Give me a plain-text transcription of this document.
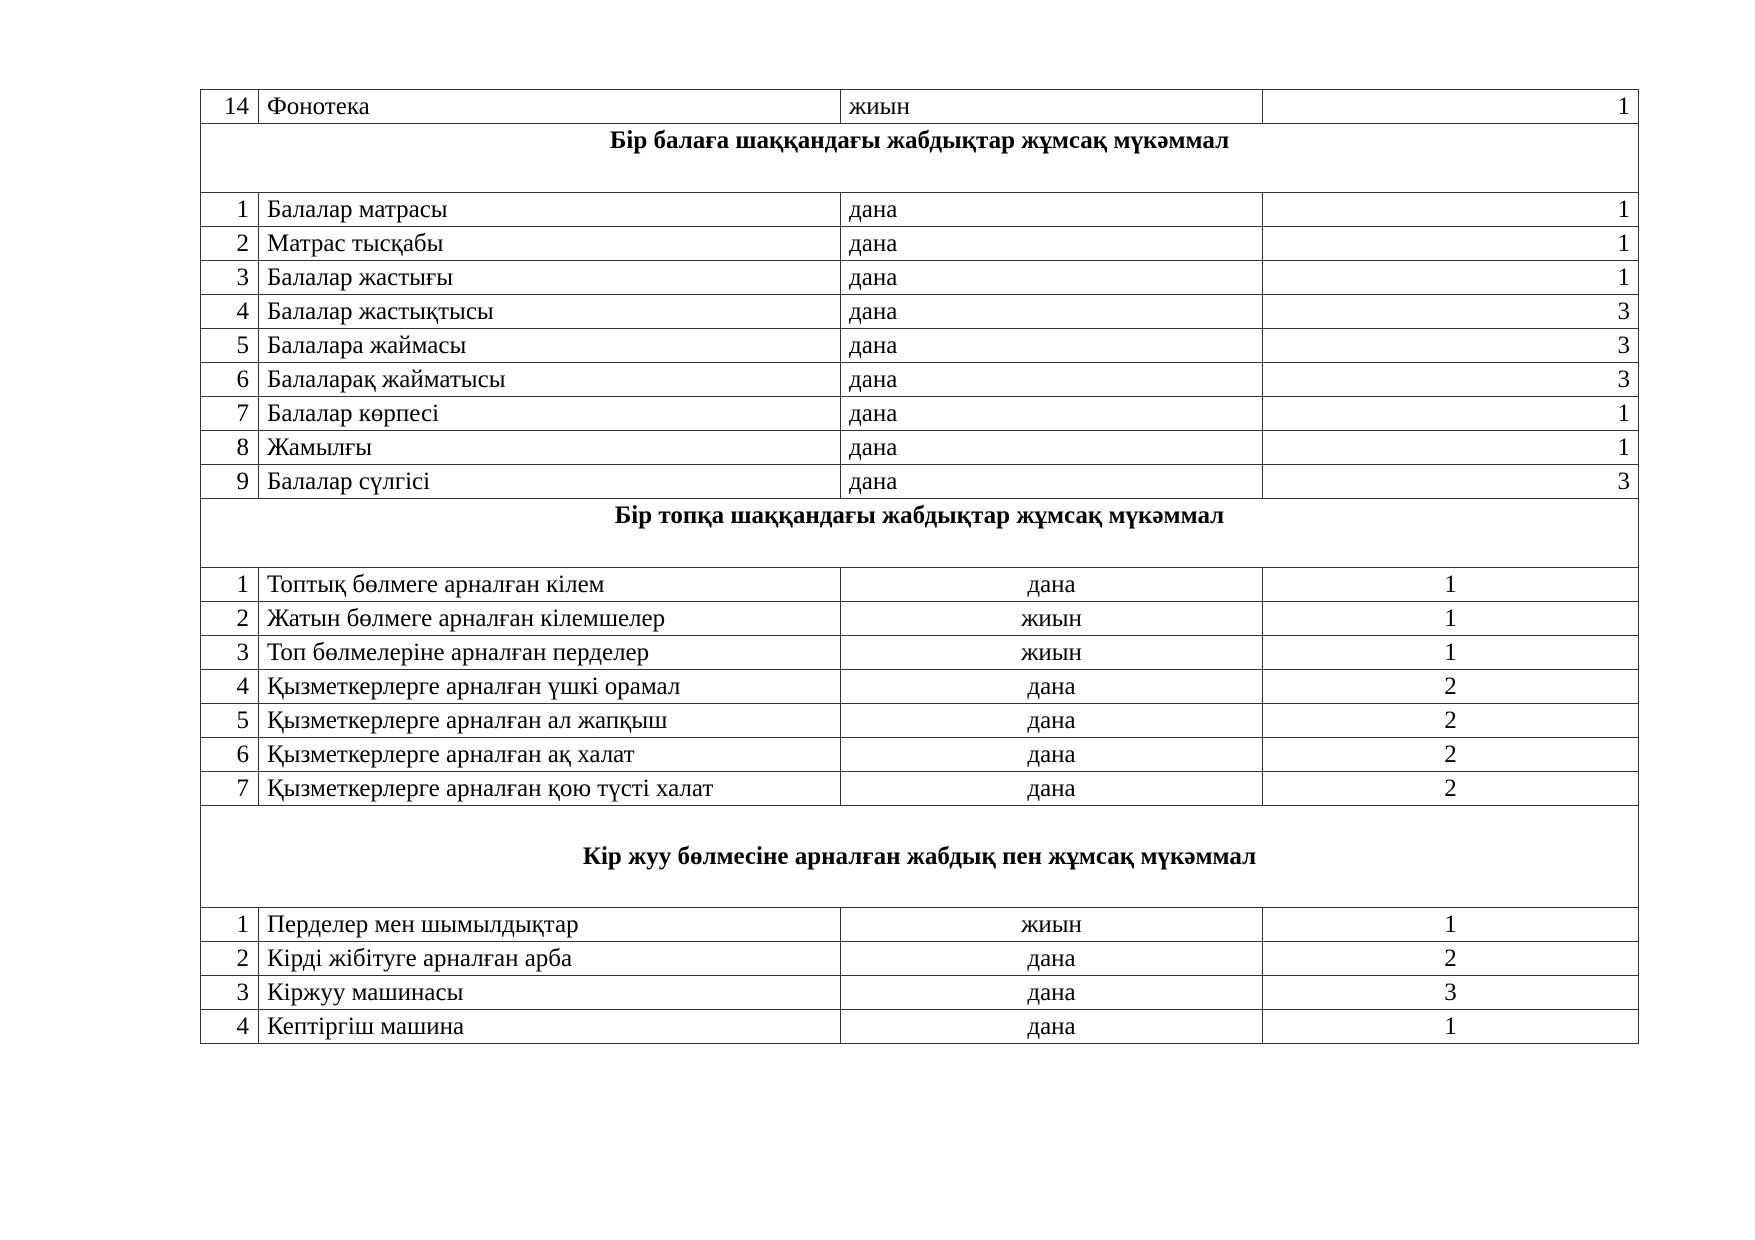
14	Фонотека	жиын	1
Бір балаға шаққандағы жабдықтар жұмсақ мүкәммал			
1	Балалар матрасы	дана	1
2	Матрас тысқабы	дана	1
3	Балалар жастығы	дана	1
4	Балалар жастықтысы	дана	3
5	Балалара жаймасы	дана	3
6	Балаларақ жайматысы	дана	3
7	Балалар көрпесі	дана	1
8	Жамылғы	дана	1
9	Балалар сүлгісі	дана	3
Бір топқа шаққандағы жабдықтар жұмсақ мүкәммал			
1	Топтық бөлмеге арналған кілем	дана	1
2	Жатын бөлмеге арналған кілемшелер	жиын	1
3	Топ бөлмелеріне арналған перделер	жиын	1
4	Қызметкерлерге арналған үшкі орамал	дана	2
5	Қызметкерлерге арналған ал жапқыш	дана	2
6	Қызметкерлерге арналған ақ халат	дана	2
7	Қызметкерлерге арналған қою түсті халат	дана	2
Кір жуу бөлмесіне арналған жабдық пен жұмсақ мүкәммал			
1	Перделер мен шымылдықтар	жиын	1
2	Кірді жібітуге арналған арба	дана	2
3	Кіржуу машинасы	дана	3
4	Кептіргіш машина	дана	1
